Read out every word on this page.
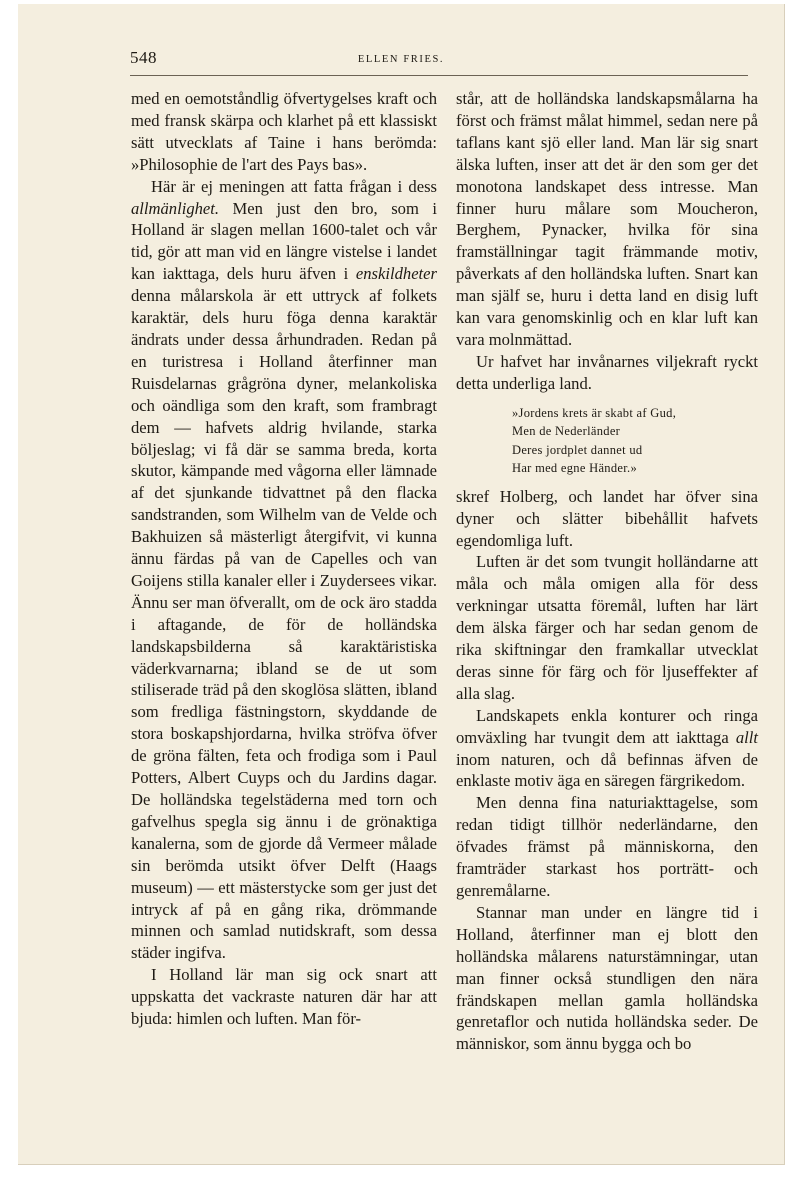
548	ELLEN FRIES.

med en oemotståndlig öfvertygelses kraft och med fransk skärpa och klarhet på ett klassiskt sätt utvecklats af Taine i hans berömda: »Philosophie de l'art des Pays bas».

Här är ej meningen att fatta frågan i dess allmänlighet. Men just den bro, som i Holland är slagen mellan 1600-talet och vår tid, gör att man vid en längre vistelse i landet kan iakttaga, dels huru äfven i enskildheter denna målarskola är ett uttryck af folkets karaktär, dels huru föga denna karaktär ändrats under dessa århundraden. Redan på en turistresa i Holland återfinner man Ruisdelarnas grågröna dyner, melankoliska och oändliga som den kraft, som frambragt dem — hafvets aldrig hvilande, starka böljeslag; vi få där se samma breda, korta skutor, kämpande med vågorna eller lämnade af det sjunkande tidvattnet på den flacka sandstranden, som Wilhelm van de Velde och Bakhuizen så mästerligt återgifvit, vi kunna ännu färdas på van de Capelles och van Goijens stilla kanaler eller i Zuydersees vikar. Ännu ser man öfverallt, om de ock äro stadda i aftagande, de för de holländska landskapsbilderna så karaktäristiska väderkvarnarna; ibland se de ut som stiliserade träd på den skoglösa slätten, ibland som fredliga fästningstorn, skyddande de stora boskapshjordarna, hvilka ströfva öfver de gröna fälten, feta och frodiga som i Paul Potters, Albert Cuyps och du Jardins dagar. De holländska tegelstäderna med torn och gafvelhus spegla sig ännu i de grönaktiga kanalerna, som de gjorde då Vermeer målade sin berömda utsikt öfver Delft (Haags museum) — ett mästerstycke som ger just det intryck af på en gång rika, drömmande minnen och samlad nutidskraft, som dessa städer ingifva.

I Holland lär man sig ock snart att uppskatta det vackraste naturen där har att bjuda: himlen och luften. Man för-

står, att de holländska landskapsmålarna ha först och främst målat himmel, sedan nere på taflans kant sjö eller land. Man lär sig snart älska luften, inser att det är den som ger det monotona landskapet dess intresse. Man finner huru målare som Moucheron, Berghem, Pynacker, hvilka för sina framställningar tagit främmande motiv, påverkats af den holländska luften. Snart kan man själf se, huru i detta land en disig luft kan vara genomskinlig och en klar luft kan vara molnmättad.

Ur hafvet har invånarnes viljekraft ryckt detta underliga land.

»Jordens krets är skabt af Gud,
Men de Nederländer
Deres jordplet dannet ud
Har med egne Händer.»

skref Holberg, och landet har öfver sina dyner och slätter bibehållit hafvets egendomliga luft.

Luften är det som tvungit holländarne att måla och måla omigen alla för dess verkningar utsatta föremål, luften har lärt dem älska färger och har sedan genom de rika skiftningar den framkallar utvecklat deras sinne för färg och för ljuseffekter af alla slag.

Landskapets enkla konturer och ringa omväxling har tvungit dem att iakttaga allt inom naturen, och då befinnas äfven de enklaste motiv äga en säregen färgrikedom.

Men denna fina naturiakttagelse, som redan tidigt tillhör nederländarne, den öfvades främst på människorna, den framträder starkast hos porträtt- och genremålarne.

Stannar man under en längre tid i Holland, återfinner man ej blott den holländska målarens naturstämningar, utan man finner också stundligen den nära frändskapen mellan gamla holländska genretaflor och nutida holländska seder. De människor, som ännu bygga och bo
